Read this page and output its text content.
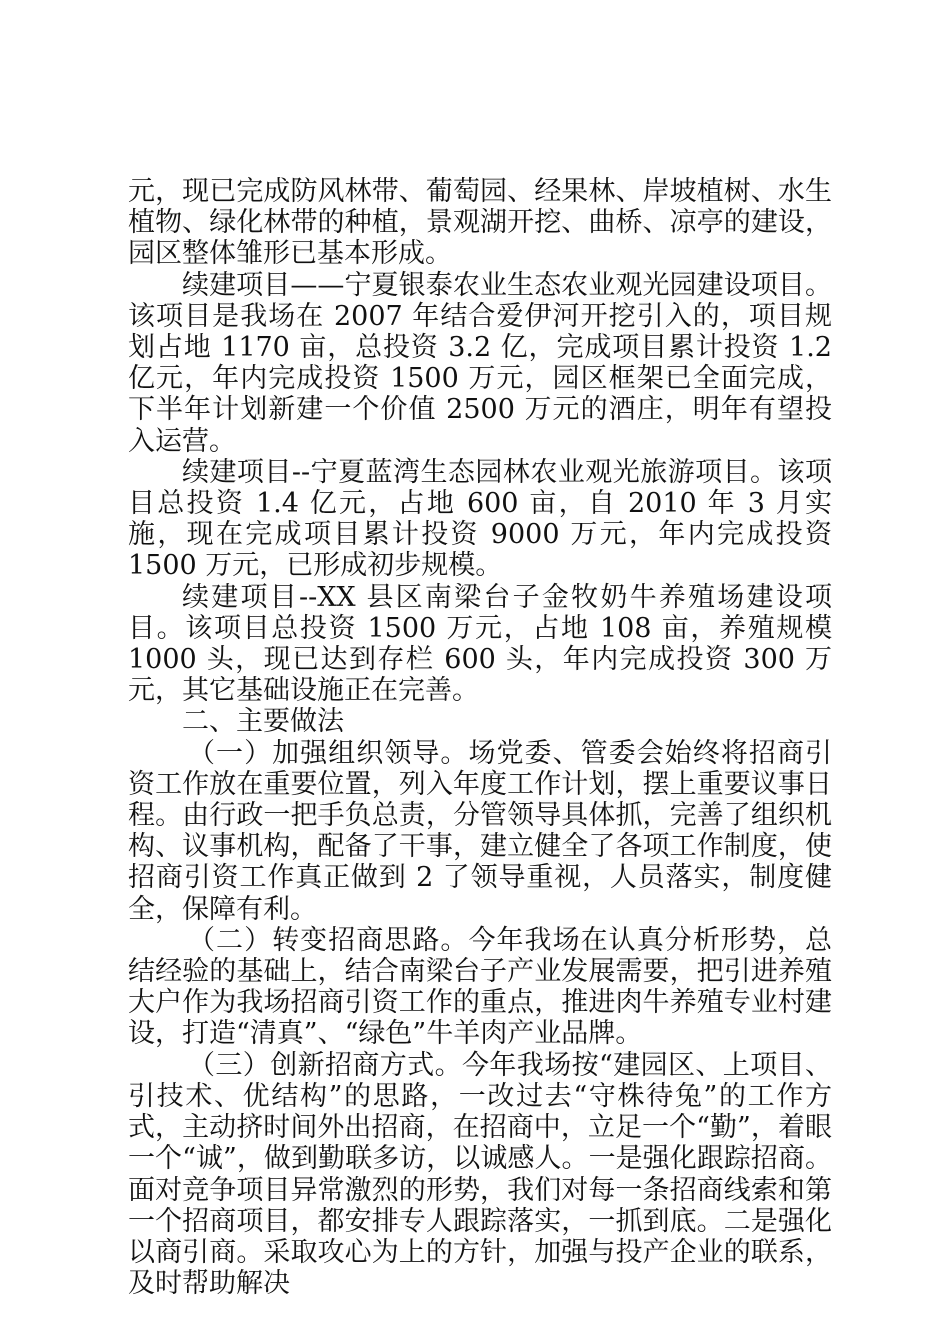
元，现已完成防风林带、葡萄园、经果林、岸坡植树、水生植物、绿化林带的种植，景观湖开挖、曲桥、凉亭的建设，园区整体雏形已基本形成。

续建项目——宁夏银泰农业生态农业观光园建设项目。该项目是我场在 2007 年结合爱伊河开挖引入的，项目规划占地 1170 亩，总投资 3.2 亿，完成项目累计投资 1.2 亿元，年内完成投资 1500 万元，园区框架已全面完成，下半年计划新建一个价值 2500 万元的酒庄，明年有望投入运营。

续建项目--宁夏蓝湾生态园林农业观光旅游项目。该项目总投资 1.4 亿元，占地 600 亩，自 2010 年 3 月实施，现在完成项目累计投资 9000 万元，年内完成投资 1500 万元，已形成初步规模。

续建项目--XX 县区南梁台子金牧奶牛养殖场建设项目。该项目总投资 1500 万元，占地 108 亩，养殖规模 1000 头，现已达到存栏 600 头，年内完成投资 300 万元，其它基础设施正在完善。

二、主要做法

（一）加强组织领导。场党委、管委会始终将招商引资工作放在重要位置，列入年度工作计划，摆上重要议事日程。由行政一把手负总责，分管领导具体抓，完善了组织机构、议事机构，配备了干事，建立健全了各项工作制度，使招商引资工作真正做到 2 了领导重视，人员落实，制度健全，保障有利。

（二）转变招商思路。今年我场在认真分析形势，总结经验的基础上，结合南梁台子产业发展需要，把引进养殖大户作为我场招商引资工作的重点，推进肉牛养殖专业村建设，打造“清真”、“绿色”牛羊肉产业品牌。

（三）创新招商方式。今年我场按“建园区、上项目、引技术、优结构”的思路，一改过去“守株待兔”的工作方式，主动挤时间外出招商，在招商中，立足一个“勤”，着眼一个“诚”，做到勤联多访，以诚感人。一是强化跟踪招商。面对竞争项目异常激烈的形势，我们对每一条招商线索和第一个招商项目，都安排专人跟踪落实，一抓到底。二是强化以商引商。采取攻心为上的方针，加强与投产企业的联系，及时帮助解决
